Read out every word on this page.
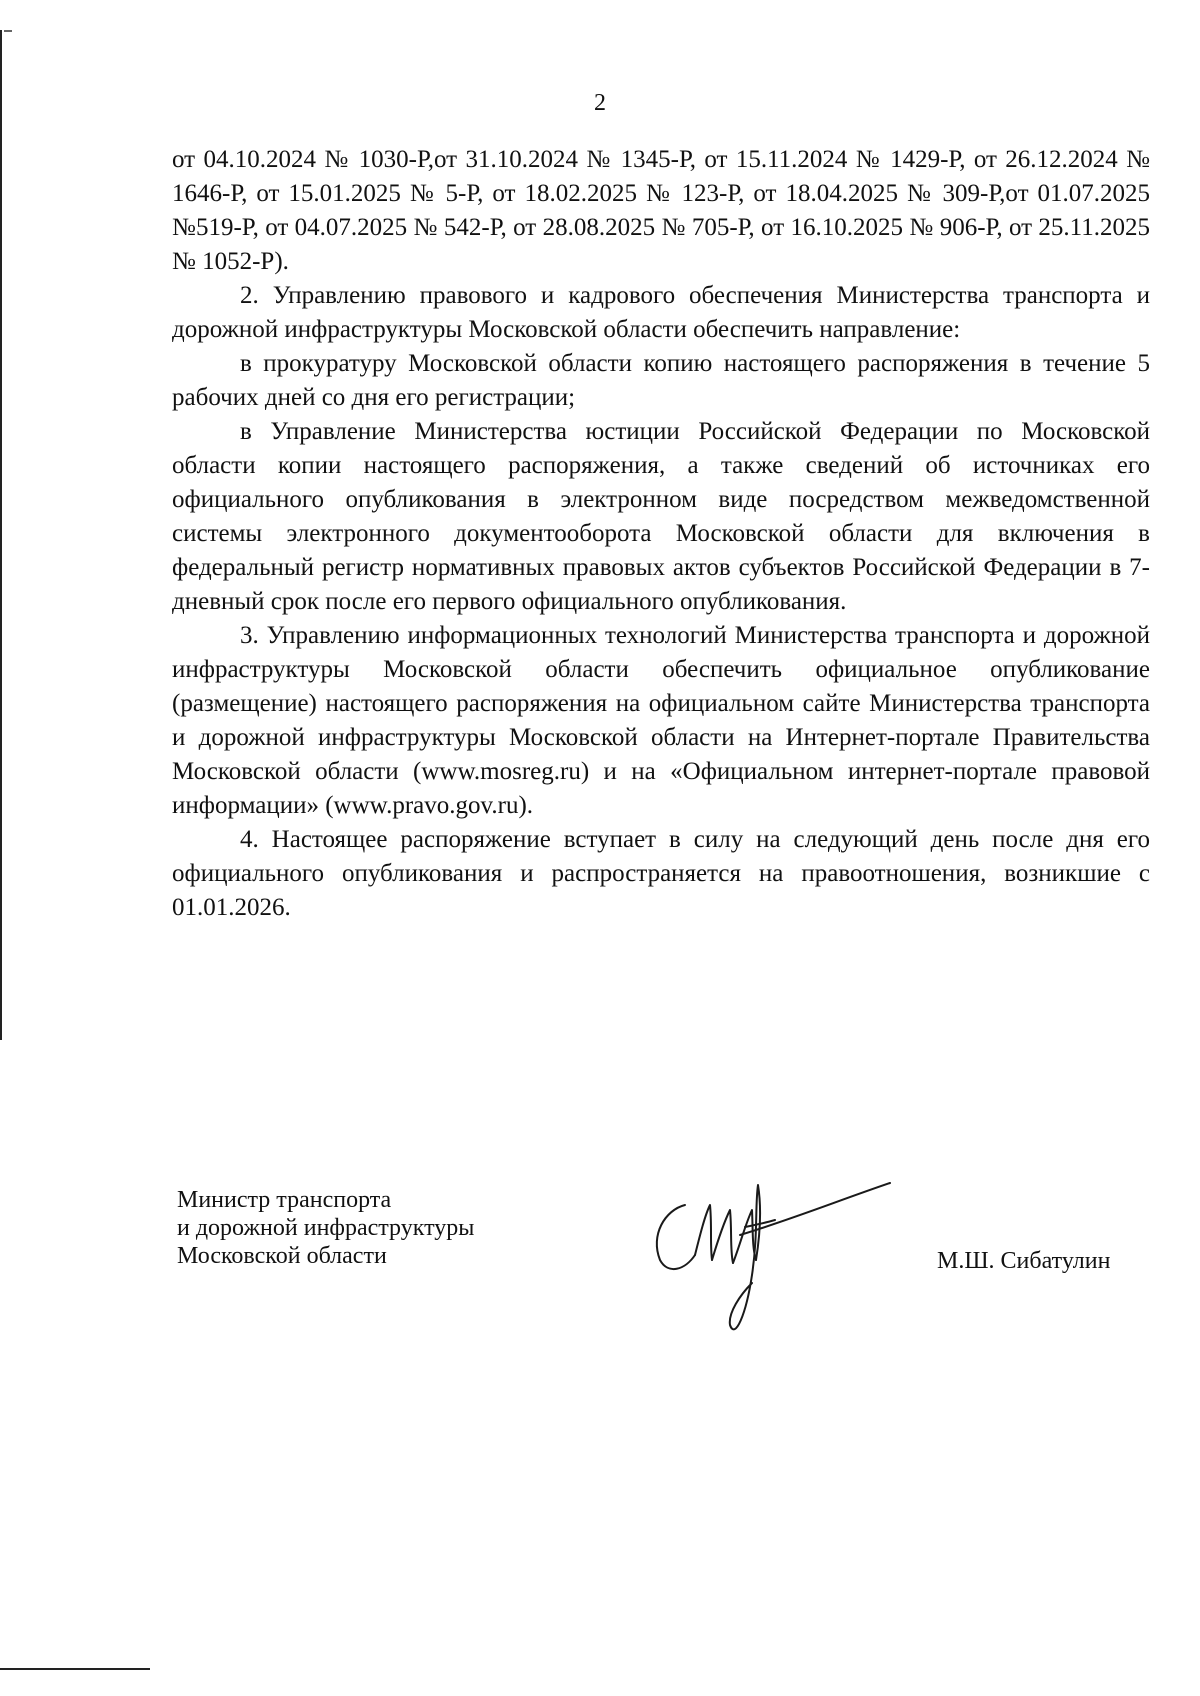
2

от 04.10.2024 № 1030-Р,от 31.10.2024 № 1345-Р, от 15.11.2024 № 1429-Р, от 26.12.2024 № 1646-Р, от 15.01.2025 № 5-Р, от 18.02.2025 № 123-Р, от 18.04.2025 № 309-Р,от 01.07.2025 №519-Р, от 04.07.2025 № 542-Р, от 28.08.2025 № 705-Р, от 16.10.2025 № 906-Р, от 25.11.2025 № 1052-Р).

2. Управлению правового и кадрового обеспечения Министерства транспорта и дорожной инфраструктуры Московской области обеспечить направление:

в прокуратуру Московской области копию настоящего распоряжения в течение 5 рабочих дней со дня его регистрации;

в Управление Министерства юстиции Российской Федерации по Московской области копии настоящего распоряжения, а также сведений об источниках его официального опубликования в электронном виде посредством межведомственной системы электронного документооборота Московской области для включения в федеральный регистр нормативных правовых актов субъектов Российской Федерации в 7-дневный срок после его первого официального опубликования.

3. Управлению информационных технологий Министерства транспорта и дорожной инфраструктуры Московской области обеспечить официальное опубликование (размещение) настоящего распоряжения на официальном сайте Министерства транспорта и дорожной инфраструктуры Московской области на Интернет-портале Правительства Московской области (www.mosreg.ru) и на «Официальном интернет-портале правовой информации» (www.pravo.gov.ru).

4. Настоящее распоряжение вступает в силу на следующий день после дня его официального опубликования и распространяется на правоотношения, возникшие с 01.01.2026.

Министр транспорта
и дорожной инфраструктуры
Московской области	М.Ш. Сибатулин
